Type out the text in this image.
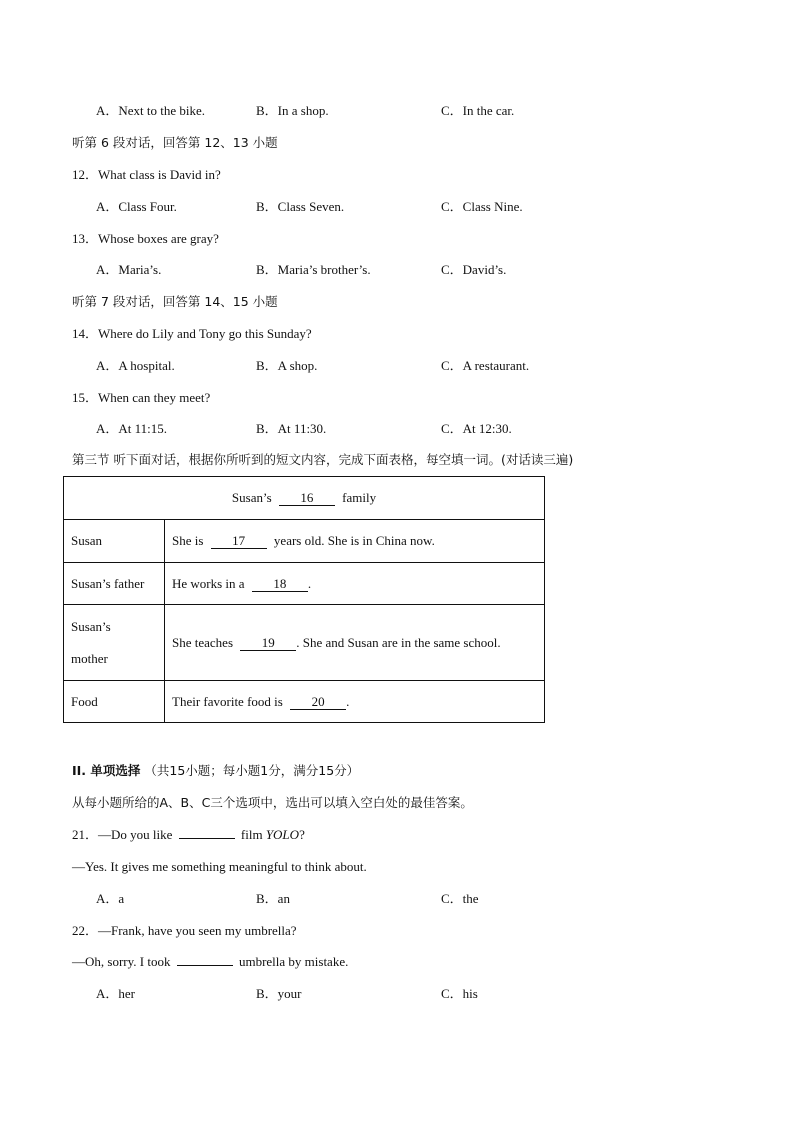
A．Next to the bike.	B．In a shop.	C．In the car.
听第 6 段对话，回答第 12、13 小题
12．What class is David in?
A．Class Four.	B．Class Seven.	C．Class Nine.
13．Whose boxes are gray?
A．Maria’s.	B．Maria’s brother’s.	C．David’s.
听第 7 段对话，回答第 14、15 小题
14．Where do Lily and Tony go this Sunday?
A．A hospital.	B．A shop.	C．A restaurant.
15．When can they meet?
A．At 11:15.	B．At 11:30.	C．At 12:30.
第三节 听下面对话，根据你所听到的短文内容，完成下面表格，每空填一词。(对话读三遍)
Susan’s 16 family	
Susan	She is 17 years old. She is in China now.
Susan’s father	He works in a 18 .

Susan’s mother	She teaches 19 . She and Susan are in the same school.
Food	Their favorite food is 20 .
II. 单项选择 （共15小题；每小题1分，满分15分）
从每小题所给的A、B、C三个选项中，选出可以填入空白处的最佳答案。
21．—Do you like	film YOLO?
—Yes. It gives me something meaningful to think about.
A．a	B．an	C．the
22．—Frank, have you seen my umbrella?
—Oh, sorry. I took	umbrella by mistake.
A．her	B．your	C．his
